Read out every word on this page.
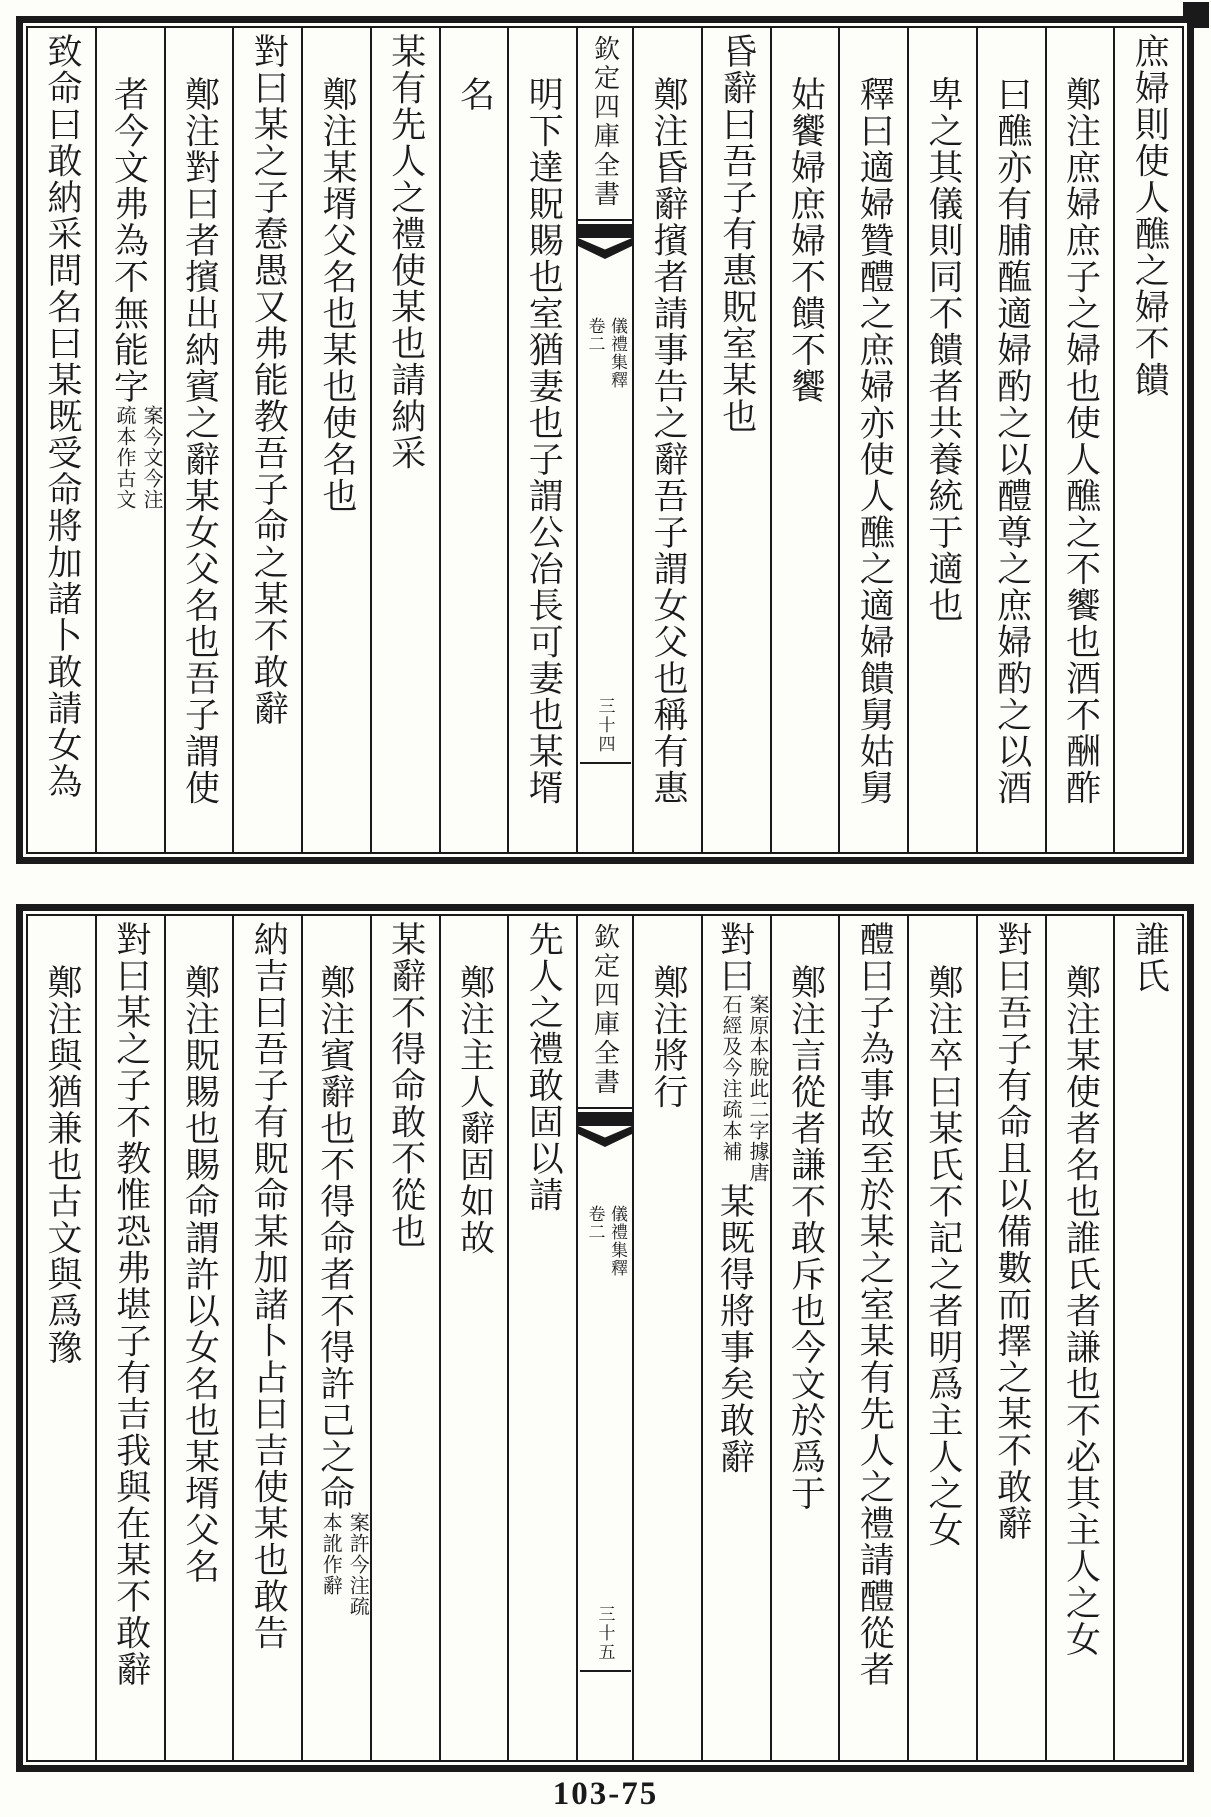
庶婦則使人醮之婦不饋
鄭注庶婦庶子之婦也使人醮之不饗也酒不酬酢
曰醮亦有脯醢適婦酌之以醴尊之庶婦酌之以酒
卑之其儀則同不饋者共養統于適也
釋曰適婦贊醴之庶婦亦使人醮之適婦饋舅姑舅
姑饗婦庶婦不饋不饗
昏辭曰吾子有惠貺室某也
鄭注昏辭擯者請事告之辭吾子謂女父也稱有惠
欽定四庫全書
儀禮集釋
卷二
三十四
明下達貺賜也室猶妻也子謂公冶長可妻也某壻
名
某有先人之禮使某也請納采
鄭注某壻父名也某也使名也
對曰某之子憃愚又弗能教吾子命之某不敢辭
鄭注對曰者擯出納賓之辭某女父名也吾子謂使
者今文弗為不無能字
案今文今注
疏本作古文
致命曰敢納采問名曰某既受命將加諸卜敢請女為
誰氏
鄭注某使者名也誰氏者謙也不必其主人之女
對曰吾子有命且以備數而擇之某不敢辭
鄭注卒曰某氏不記之者明爲主人之女
醴曰子為事故至於某之室某有先人之禮請醴從者
鄭注言從者謙不敢斥也今文於爲于
對曰
案原本脫此二字據唐
石經及今注疏本補
某既得將事矣敢辭
鄭注將行
欽定四庫全書
儀禮集釋
卷二
三十五
先人之禮敢固以請
鄭注主人辭固如故
某辭不得命敢不從也
鄭注賓辭也不得命者不得許己之命
案許今注疏
本訛作辭
納吉曰吾子有貺命某加諸卜占曰吉使某也敢告
鄭注貺賜也賜命謂許以女名也某壻父名
對曰某之子不教惟恐弗堪子有吉我與在某不敢辭
鄭注與猶兼也古文與爲豫
103-75
